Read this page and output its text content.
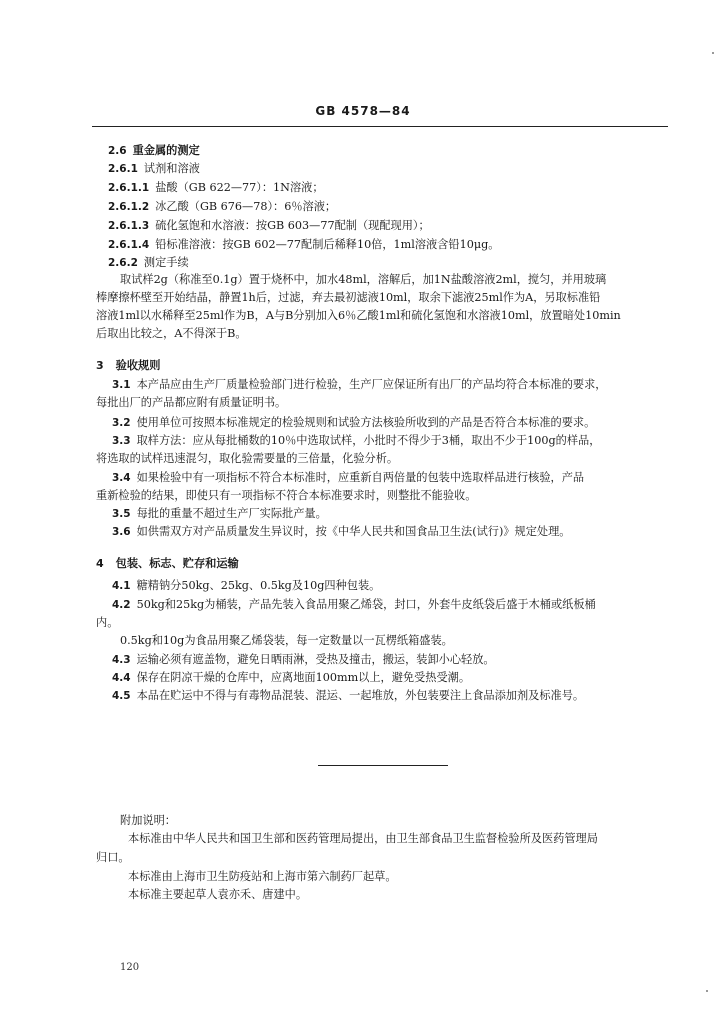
GB 4578—84
2.6 重金属的测定
2.6.1 试剂和溶液
2.6.1.1 盐酸（GB 622—77）：1N溶液；
2.6.1.2 冰乙酸（GB 676—78）：6％溶液；
2.6.1.3 硫化氢饱和水溶液：按GB 603—77配制（现配现用）；
2.6.1.4 铅标准溶液：按GB 602—77配制后稀释10倍，1ml溶液含铅10μg。
2.6.2 测定手续
取试样2g（称准至0.1g）置于烧杯中，加水48ml，溶解后，加1N盐酸溶液2ml，搅匀，并用玻璃
棒摩擦杯壁至开始结晶，静置1h后，过滤，弃去最初滤液10ml，取余下滤液25ml作为A，另取标准铅
溶液1ml以水稀释至25ml作为B，A与B分别加入6％乙酸1ml和硫化氢饱和水溶液10ml，放置暗处10min
后取出比较之，A不得深于B。
3 验收规则
3.1 本产品应由生产厂质量检验部门进行检验，生产厂应保证所有出厂的产品均符合本标准的要求，
每批出厂的产品都应附有质量证明书。
3.2 使用单位可按照本标准规定的检验规则和试验方法核验所收到的产品是否符合本标准的要求。
3.3 取样方法：应从每批桶数的10％中选取试样，小批时不得少于3桶，取出不少于100g的样品，
将选取的试样迅速混匀，取化验需要量的三倍量，化验分析。
3.4 如果检验中有一项指标不符合本标准时，应重新自两倍量的包装中选取样品进行核验，产品
重新检验的结果，即使只有一项指标不符合本标准要求时，则整批不能验收。
3.5 每批的重量不超过生产厂实际批产量。
3.6 如供需双方对产品质量发生异议时，按《中华人民共和国食品卫生法(试行)》规定处理。
4 包装、标志、贮存和运输
4.1 糖精钠分50kg、25kg、0.5kg及10g四种包装。
4.2 50kg和25kg为桶装，产品先装入食品用聚乙烯袋，封口，外套牛皮纸袋后盛于木桶或纸板桶
内。
0.5kg和10g为食品用聚乙烯袋装，每一定数量以一瓦楞纸箱盛装。
4.3 运输必须有遮盖物，避免日晒雨淋，受热及撞击，搬运，装卸小心轻放。
4.4 保存在阴凉干燥的仓库中，应离地面100mm以上，避免受热受潮。
4.5 本品在贮运中不得与有毒物品混装、混运、一起堆放，外包装要注上食品添加剂及标准号。
附加说明：
本标准由中华人民共和国卫生部和医药管理局提出，由卫生部食品卫生监督检验所及医药管理局
归口。
本标准由上海市卫生防疫站和上海市第六制药厂起草。
本标准主要起草人袁亦禾、唐建中。
120
